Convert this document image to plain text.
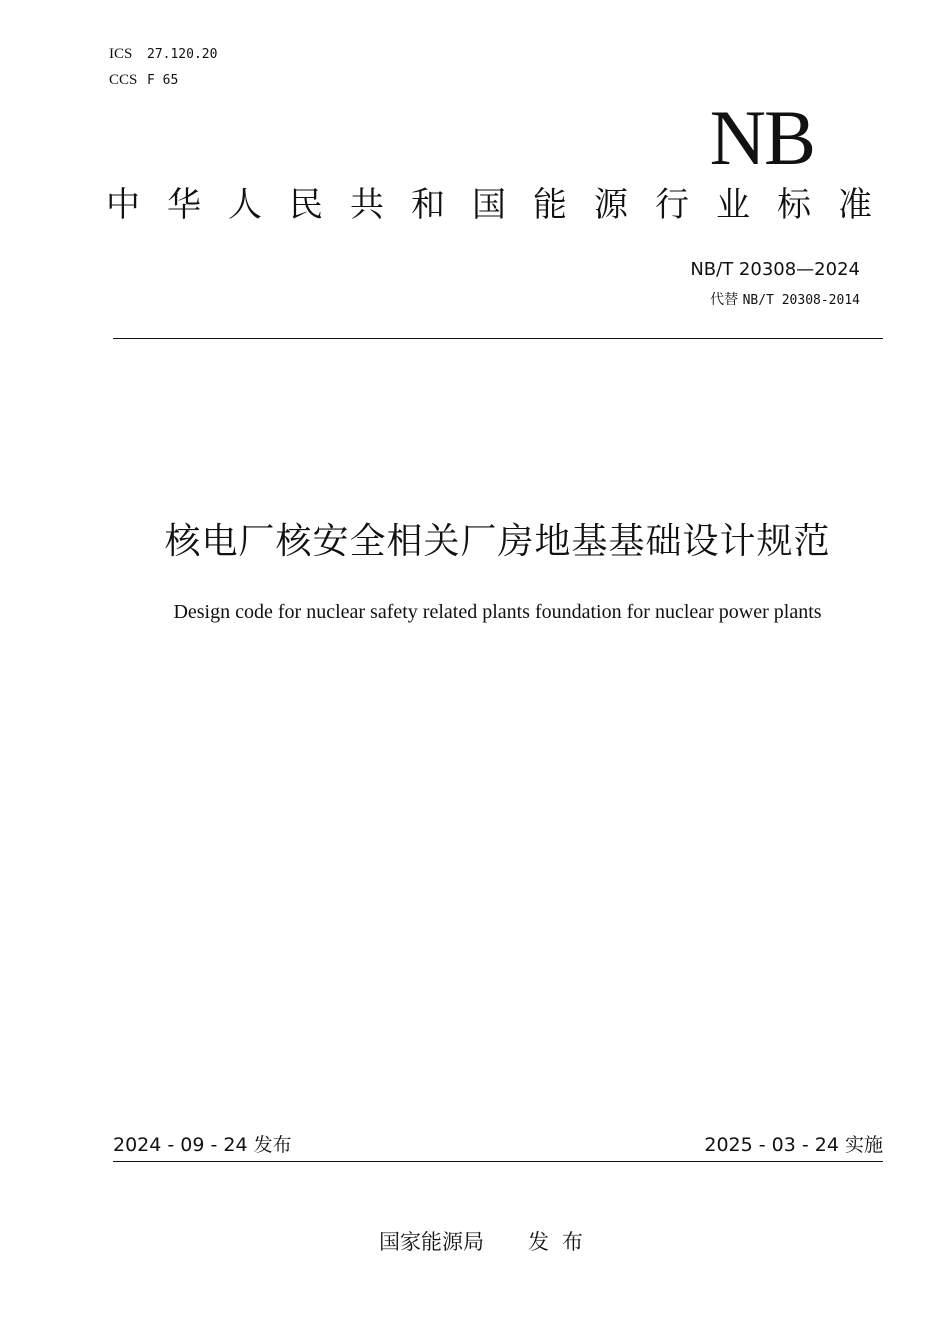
ICS 27.120.20
CCS F 65
NB
中华人民共和国能源行业标准
NB/T 20308—2024
代替 NB/T 20308-2014
核电厂核安全相关厂房地基基础设计规范
Design code for nuclear safety related plants foundation for nuclear power plants
2024 - 09 - 24 发布	2025 - 03 - 24 实施
国家能源局 发布
